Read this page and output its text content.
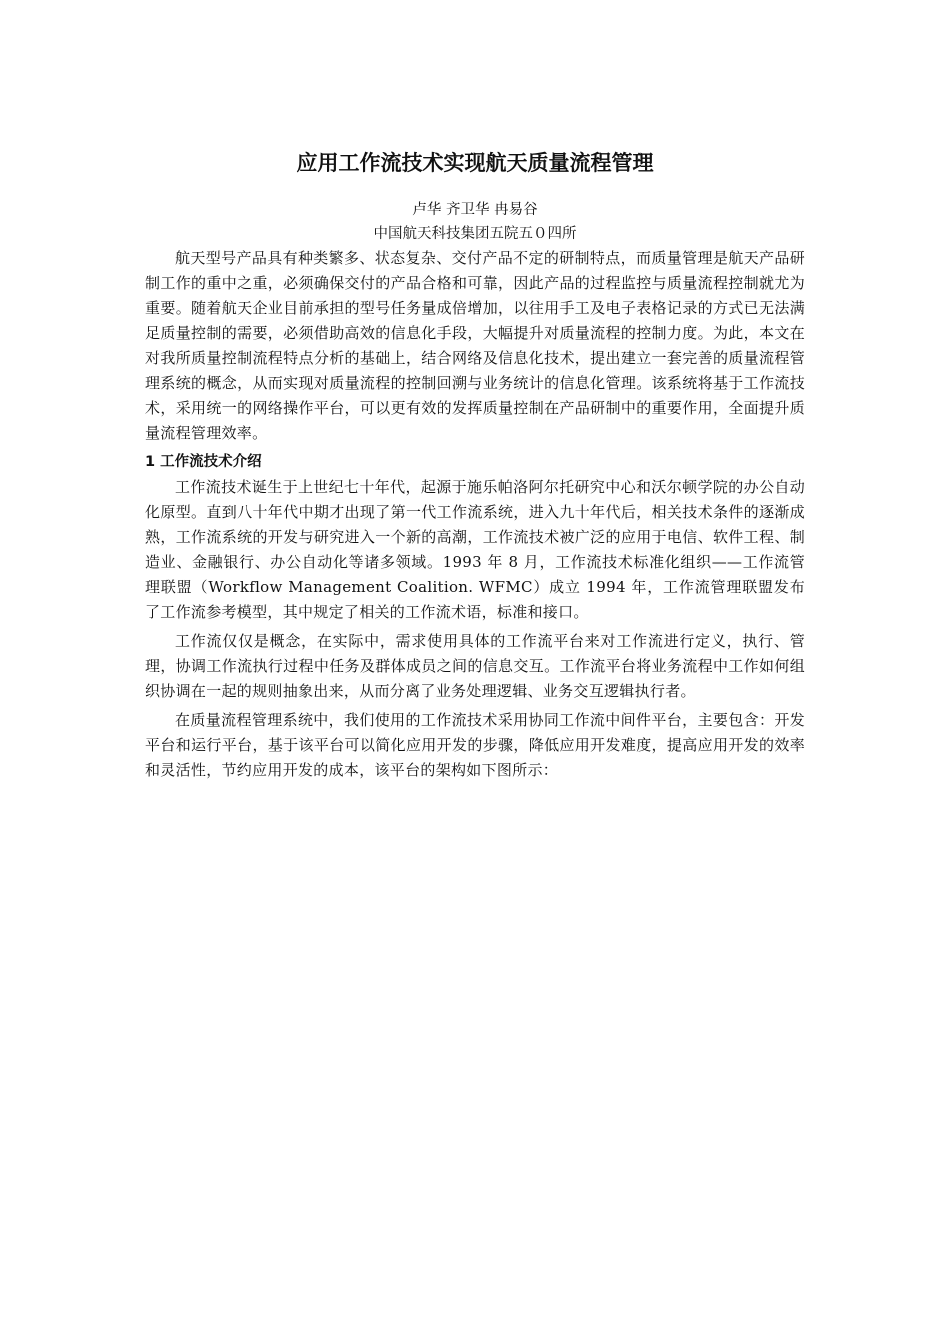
应用工作流技术实现航天质量流程管理

卢华 齐卫华 冉易谷

中国航天科技集团五院五０四所

航天型号产品具有种类繁多、状态复杂、交付产品不定的研制特点，而质量管理是航天产品研制工作的重中之重，必须确保交付的产品合格和可靠，因此产品的过程监控与质量流程控制就尤为重要。随着航天企业目前承担的型号任务量成倍增加，以往用手工及电子表格记录的方式已无法满足质量控制的需要，必须借助高效的信息化手段，大幅提升对质量流程的控制力度。为此，本文在对我所质量控制流程特点分析的基础上，结合网络及信息化技术，提出建立一套完善的质量流程管理系统的概念，从而实现对质量流程的控制回溯与业务统计的信息化管理。该系统将基于工作流技术，采用统一的网络操作平台，可以更有效的发挥质量控制在产品研制中的重要作用，全面提升质量流程管理效率。

1 工作流技术介绍

工作流技术诞生于上世纪七十年代，起源于施乐帕洛阿尔托研究中心和沃尔顿学院的办公自动化原型。直到八十年代中期才出现了第一代工作流系统，进入九十年代后，相关技术条件的逐渐成熟，工作流系统的开发与研究进入一个新的高潮，工作流技术被广泛的应用于电信、软件工程、制造业、金融银行、办公自动化等诸多领域。1993 年 8 月，工作流技术标准化组织——工作流管理联盟（Workflow Management Coalition. WFMC）成立 1994 年，工作流管理联盟发布了工作流参考模型，其中规定了相关的工作流术语，标准和接口。

工作流仅仅是概念，在实际中，需求使用具体的工作流平台来对工作流进行定义，执行、管理，协调工作流执行过程中任务及群体成员之间的信息交互。工作流平台将业务流程中工作如何组织协调在一起的规则抽象出来，从而分离了业务处理逻辑、业务交互逻辑执行者。

在质量流程管理系统中，我们使用的工作流技术采用协同工作流中间件平台，主要包含：开发平台和运行平台，基于该平台可以简化应用开发的步骤，降低应用开发难度，提高应用开发的效率和灵活性，节约应用开发的成本，该平台的架构如下图所示：
